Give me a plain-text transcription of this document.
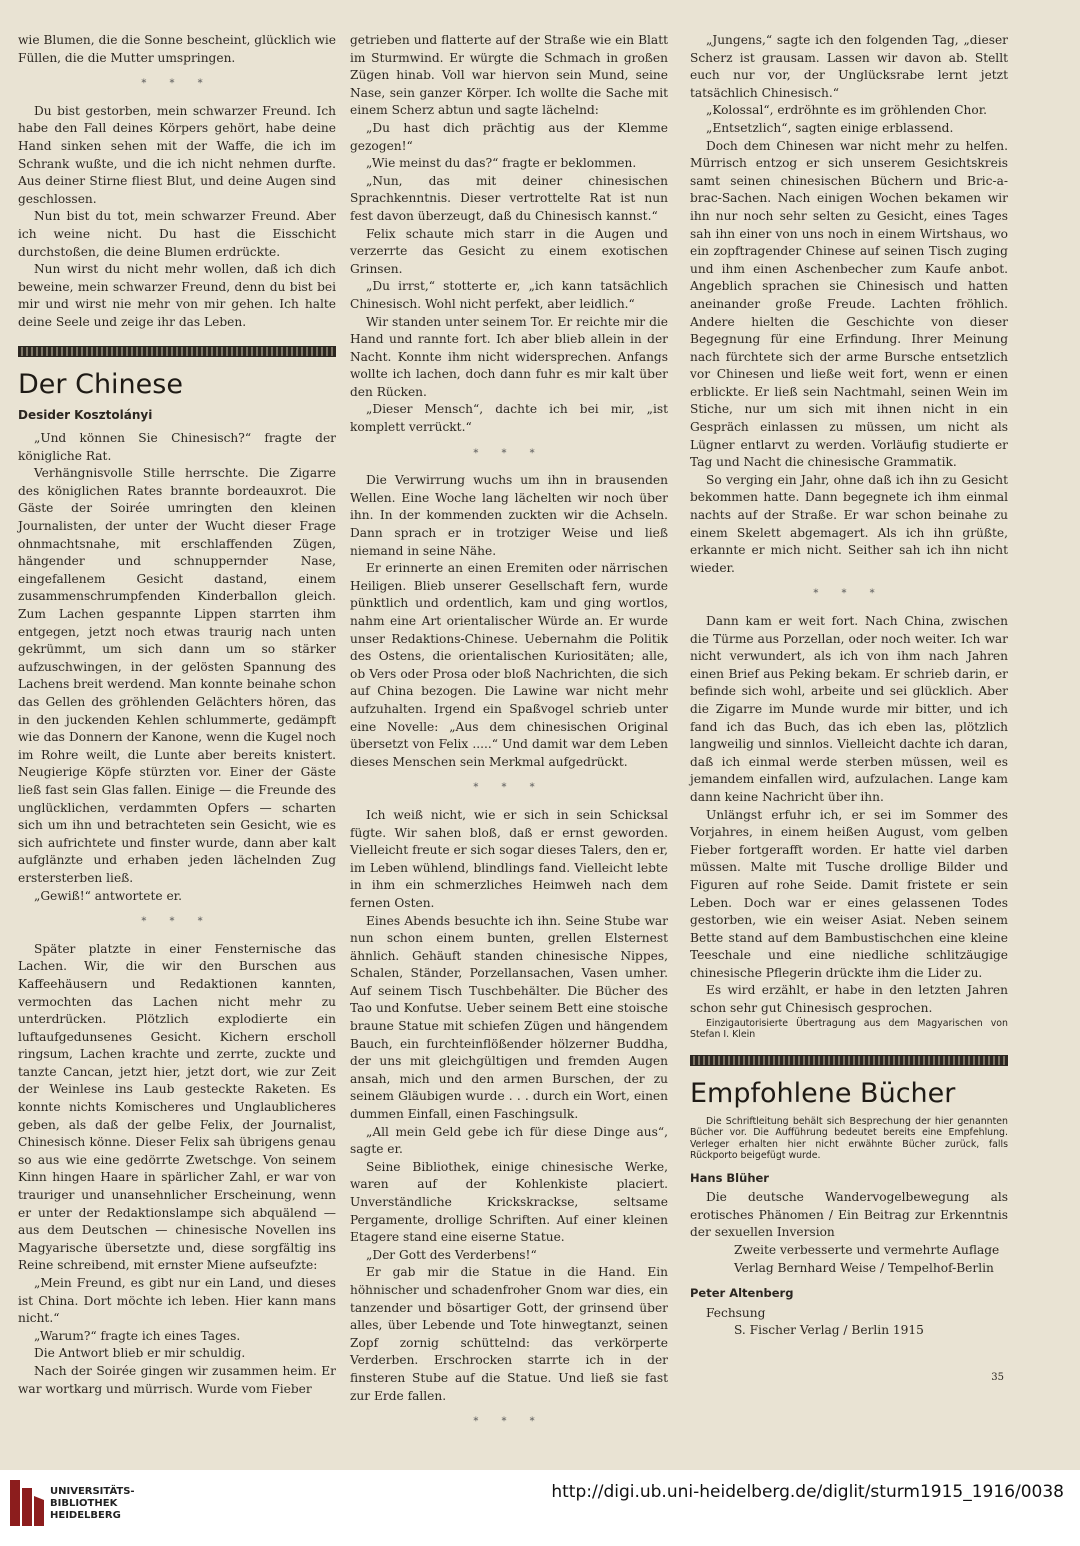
wie Blumen, die die Sonne bescheint, glücklich wie Füllen, die die Mutter umspringen.

* * *

Du bist gestorben, mein schwarzer Freund. Ich habe den Fall deines Körpers gehört, habe deine Hand sinken sehen mit der Waffe, die ich im Schrank wußte, und die ich nicht nehmen durfte. Aus deiner Stirne fliest Blut, und deine Augen sind geschlossen.

Nun bist du tot, mein schwarzer Freund. Aber ich weine nicht. Du hast die Eisschicht durchstoßen, die deine Blumen erdrückte.

Nun wirst du nicht mehr wollen, daß ich dich beweine, mein schwarzer Freund, denn du bist bei mir und wirst nie mehr von mir gehen. Ich halte deine Seele und zeige ihr das Leben.

Der Chinese
Desider Kosztolányi

„Und können Sie Chinesisch?“ fragte der königliche Rat.

Verhängnisvolle Stille herrschte. Die Zigarre des königlichen Rates brannte bordeauxrot. Die Gäste der Soirée umringten den kleinen Journalisten, der unter der Wucht dieser Frage ohnmachtsnahe, mit erschlaffenden Zügen, hängender und schnuppernder Nase, eingefallenem Gesicht dastand, einem zusammenschrumpfenden Kinderballon gleich. Zum Lachen gespannte Lippen starrten ihm entgegen, jetzt noch etwas traurig nach unten gekrümmt, um sich dann um so stärker aufzuschwingen, in der gelösten Spannung des Lachens breit werdend. Man konnte beinahe schon das Gellen des gröhlenden Gelächters hören, das in den juckenden Kehlen schlummerte, gedämpft wie das Donnern der Kanone, wenn die Kugel noch im Rohre weilt, die Lunte aber bereits knistert. Neugierige Köpfe stürzten vor. Einer der Gäste ließ fast sein Glas fallen. Einige — die Freunde des unglücklichen, verdammten Opfers — scharten sich um ihn und betrachteten sein Gesicht, wie es sich aufrichtete und finster wurde, dann aber kalt aufglänzte und erhaben jeden lächelnden Zug erstersterben ließ.

„Gewiß!“ antwortete er.

* * *

Später platzte in einer Fensternische das Lachen. Wir, die wir den Burschen aus Kaffeehäusern und Redaktionen kannten, vermochten das Lachen nicht mehr zu unterdrücken. Plötzlich explodierte ein luftaufgedunsenes Gesicht. Kichern erscholl ringsum, Lachen krachte und zerrte, zuckte und tanzte Cancan, jetzt hier, jetzt dort, wie zur Zeit der Weinlese ins Laub gesteckte Raketen. Es konnte nichts Komischeres und Unglaublicheres geben, als daß der gelbe Felix, der Journalist, Chinesisch könne. Dieser Felix sah übrigens genau so aus wie eine gedörrte Zwetschge. Von seinem Kinn hingen Haare in spärlicher Zahl, er war von trauriger und unansehnlicher Erscheinung, wenn er unter der Redaktionslampe sich abquälend — aus dem Deutschen — chinesische Novellen ins Magyarische übersetzte und, diese sorgfältig ins Reine schreibend, mit ernster Miene aufseufzte:

„Mein Freund, es gibt nur ein Land, und dieses ist China. Dort möchte ich leben. Hier kann mans nicht.“

„Warum?“ fragte ich eines Tages.

Die Antwort blieb er mir schuldig.

Nach der Soirée gingen wir zusammen heim. Er war wortkarg und mürrisch. Wurde vom Fieber

getrieben und flatterte auf der Straße wie ein Blatt im Sturmwind. Er würgte die Schmach in großen Zügen hinab. Voll war hiervon sein Mund, seine Nase, sein ganzer Körper. Ich wollte die Sache mit einem Scherz abtun und sagte lächelnd:

„Du hast dich prächtig aus der Klemme gezogen!“

„Wie meinst du das?“ fragte er beklommen.

„Nun, das mit deiner chinesischen Sprachkenntnis. Dieser vertrottelte Rat ist nun fest davon überzeugt, daß du Chinesisch kannst.“

Felix schaute mich starr in die Augen und verzerrte das Gesicht zu einem exotischen Grinsen.

„Du irrst,“ stotterte er, „ich kann tatsächlich Chinesisch. Wohl nicht perfekt, aber leidlich.“

Wir standen unter seinem Tor. Er reichte mir die Hand und rannte fort. Ich aber blieb allein in der Nacht. Konnte ihm nicht widersprechen. Anfangs wollte ich lachen, doch dann fuhr es mir kalt über den Rücken.

„Dieser Mensch“, dachte ich bei mir, „ist komplett verrückt.“

* * *

Die Verwirrung wuchs um ihn in brausenden Wellen. Eine Woche lang lächelten wir noch über ihn. In der kommenden zuckten wir die Achseln. Dann sprach er in trotziger Weise und ließ niemand in seine Nähe.

Er erinnerte an einen Eremiten oder närrischen Heiligen. Blieb unserer Gesellschaft fern, wurde pünktlich und ordentlich, kam und ging wortlos, nahm eine Art orientalischer Würde an. Er wurde unser Redaktions-Chinese. Uebernahm die Politik des Ostens, die orientalischen Kuriositäten; alle, ob Vers oder Prosa oder bloß Nachrichten, die sich auf China bezogen. Die Lawine war nicht mehr aufzuhalten. Irgend ein Spaßvogel schrieb unter eine Novelle: „Aus dem chinesischen Original übersetzt von Felix .....“ Und damit war dem Leben dieses Menschen sein Merkmal aufgedrückt.

* * *

Ich weiß nicht, wie er sich in sein Schicksal fügte. Wir sahen bloß, daß er ernst geworden. Vielleicht freute er sich sogar dieses Talers, den er, im Leben wühlend, blindlings fand. Vielleicht lebte in ihm ein schmerzliches Heimweh nach dem fernen Osten.

Eines Abends besuchte ich ihn. Seine Stube war nun schon einem bunten, grellen Elsternest ähnlich. Gehäuft standen chinesische Nippes, Schalen, Ständer, Porzellansachen, Vasen umher. Auf seinem Tisch Tuschbehälter. Die Bücher des Tao und Konfutse. Ueber seinem Bett eine stoische braune Statue mit schiefen Zügen und hängendem Bauch, ein furchteinflößender hölzerner Buddha, der uns mit gleichgültigen und fremden Augen ansah, mich und den armen Burschen, der zu seinem Gläubigen wurde . . . durch ein Wort, einen dummen Einfall, einen Faschingsulk.

„All mein Geld gebe ich für diese Dinge aus“, sagte er.

Seine Bibliothek, einige chinesische Werke, waren auf der Kohlenkiste placiert. Unverständliche Krickskrackse, seltsame Pergamente, drollige Schriften. Auf einer kleinen Etagere stand eine eiserne Statue.

„Der Gott des Verderbens!“

Er gab mir die Statue in die Hand. Ein höhnischer und schadenfroher Gnom war dies, ein tanzender und bösartiger Gott, der grinsend über alles, über Lebende und Tote hinwegtanzt, seinen Zopf zornig schüttelnd: das verkörperte Verderben. Erschrocken starrte ich in der finsteren Stube auf die Statue. Und ließ sie fast zur Erde fallen.

* * *

„Jungens,“ sagte ich den folgenden Tag, „dieser Scherz ist grausam. Lassen wir davon ab. Stellt euch nur vor, der Unglücksrabe lernt jetzt tatsächlich Chinesisch.“

„Kolossal“, erdröhnte es im gröhlenden Chor.

„Entsetzlich“, sagten einige erblassend.

Doch dem Chinesen war nicht mehr zu helfen. Mürrisch entzog er sich unserem Gesichtskreis samt seinen chinesischen Büchern und Bric-a-brac-Sachen. Nach einigen Wochen bekamen wir ihn nur noch sehr selten zu Gesicht, eines Tages sah ihn einer von uns noch in einem Wirtshaus, wo ein zopftragender Chinese auf seinen Tisch zuging und ihm einen Aschenbecher zum Kaufe anbot. Angeblich sprachen sie Chinesisch und hatten aneinander große Freude. Lachten fröhlich. Andere hielten die Geschichte von dieser Begegnung für eine Erfindung. Ihrer Meinung nach fürchtete sich der arme Bursche entsetzlich vor Chinesen und ließe weit fort, wenn er einen erblickte. Er ließ sein Nachtmahl, seinen Wein im Stiche, nur um sich mit ihnen nicht in ein Gespräch einlassen zu müssen, um nicht als Lügner entlarvt zu werden. Vorläufig studierte er Tag und Nacht die chinesische Grammatik.

So verging ein Jahr, ohne daß ich ihn zu Gesicht bekommen hatte. Dann begegnete ich ihm einmal nachts auf der Straße. Er war schon beinahe zu einem Skelett abgemagert. Als ich ihn grüßte, erkannte er mich nicht. Seither sah ich ihn nicht wieder.

* * *

Dann kam er weit fort. Nach China, zwischen die Türme aus Porzellan, oder noch weiter. Ich war nicht verwundert, als ich von ihm nach Jahren einen Brief aus Peking bekam. Er schrieb darin, er befinde sich wohl, arbeite und sei glücklich. Aber die Zigarre im Munde wurde mir bitter, und ich fand ich das Buch, das ich eben las, plötzlich langweilig und sinnlos. Vielleicht dachte ich daran, daß ich einmal werde sterben müssen, weil es jemandem einfallen wird, aufzulachen. Lange kam dann keine Nachricht über ihn.

Unlängst erfuhr ich, er sei im Sommer des Vorjahres, in einem heißen August, vom gelben Fieber fortgerafft worden. Er hatte viel darben müssen. Malte mit Tusche drollige Bilder und Figuren auf rohe Seide. Damit fristete er sein Leben. Doch war er eines gelassenen Todes gestorben, wie ein weiser Asiat. Neben seinem Bette stand auf dem Bambustischchen eine kleine Teeschale und eine niedliche schlitzäugige chinesische Pflegerin drückte ihm die Lider zu.

Es wird erzählt, er habe in den letzten Jahren schon sehr gut Chinesisch gesprochen.

Einzigautorisierte Übertragung aus dem Magyarischen von Stefan I. Klein

Empfohlene Bücher

Die Schriftleitung behält sich Besprechung der hier genannten Bücher vor. Die Aufführung bedeutet bereits eine Empfehlung. Verleger erhalten hier nicht erwähnte Bücher zurück, falls Rückporto beigefügt wurde.

Hans Blüher

Die deutsche Wandervogelbewegung als erotisches Phänomen / Ein Beitrag zur Erkenntnis der sexuellen Inversion

Zweite verbesserte und vermehrte Auflage

Verlag Bernhard Weise / Tempelhof-Berlin

Peter Altenberg

Fechsung

S. Fischer Verlag / Berlin 1915

35
UNIVERSITÄTS-
BIBLIOTHEK
HEIDELBERG
http://digi.ub.uni-heidelberg.de/diglit/sturm1915_1916/0038
